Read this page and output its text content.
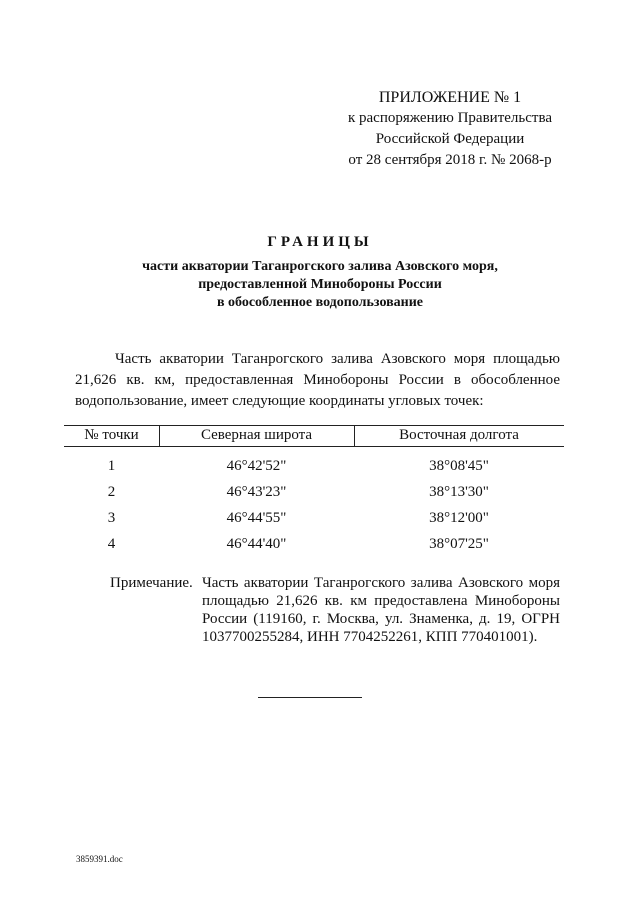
ПРИЛОЖЕНИЕ № 1
к распоряжению Правительства
Российской Федерации
от 28 сентября 2018 г. № 2068-р
ГРАНИЦЫ
части акватории Таганрогского залива Азовского моря,
предоставленной Минобороны России
в обособленное водопользование

Часть акватории Таганрогского залива Азовского моря площадью 21,626 кв. км, предоставленная Минобороны России в обособленное водопользование, имеет следующие координаты угловых точек:

№ точки	Северная широта	Восточная долгота
1	46°42'52"	38°08'45"
2	46°43'23"	38°13'30"
3	46°44'55"	38°12'00"
4	46°44'40"	38°07'25"
Примечание. Часть акватории Таганрогского залива Азовского моря площадью 21,626 кв. км предоставлена Минобороны России (119160, г. Москва, ул. Знаменка, д. 19, ОГРН 1037700255284, ИНН 7704252261, КПП 770401001).

3859391.doc
